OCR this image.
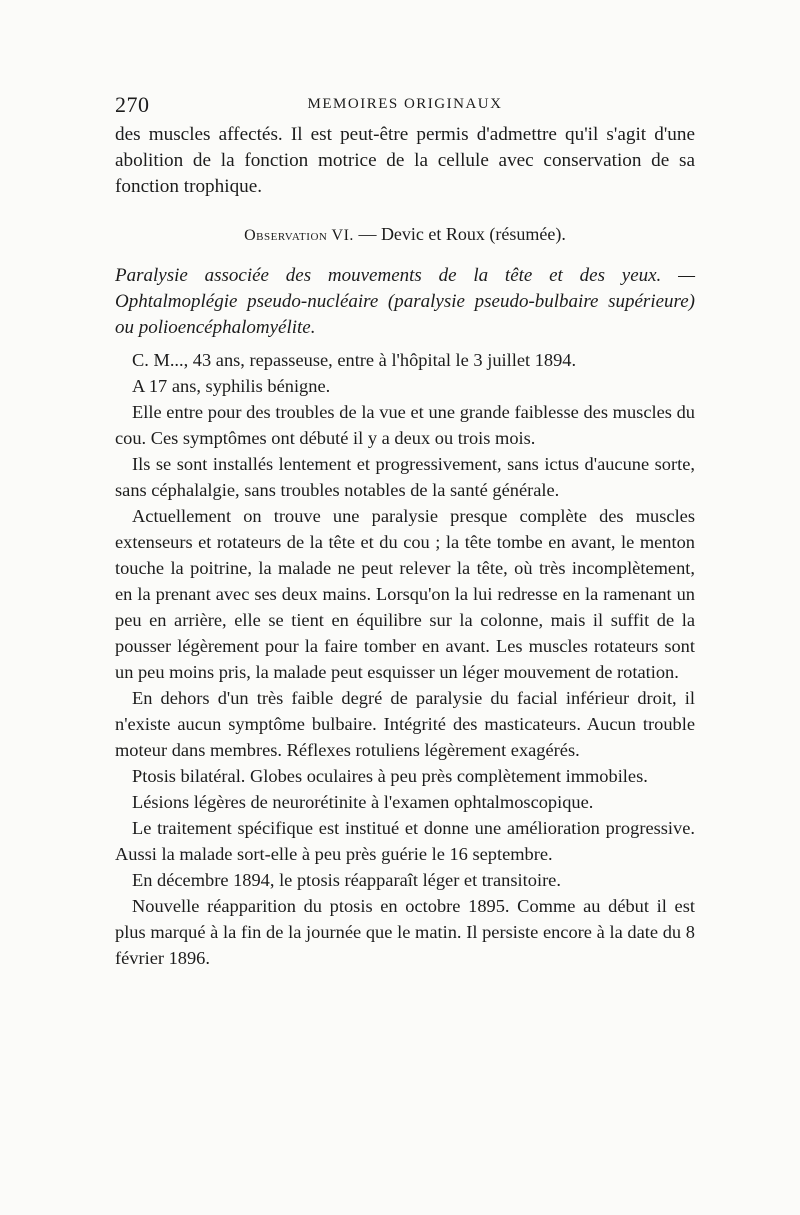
270	MEMOIRES ORIGINAUX

des muscles affectés. Il est peut-être permis d'admettre qu'il s'agit d'une abolition de la fonction motrice de la cellule avec conservation de sa fonction trophique.

Observation VI. — Devic et Roux (résumée).

Paralysie associée des mouvements de la tête et des yeux. — Ophtalmoplégie pseudo-nucléaire (paralysie pseudo-bulbaire supérieure) ou polioencéphalomyélite.

C. M..., 43 ans, repasseuse, entre à l'hôpital le 3 juillet 1894.

A 17 ans, syphilis bénigne.

Elle entre pour des troubles de la vue et une grande faiblesse des muscles du cou. Ces symptômes ont débuté il y a deux ou trois mois.

Ils se sont installés lentement et progressivement, sans ictus d'aucune sorte, sans céphalalgie, sans troubles notables de la santé générale.

Actuellement on trouve une paralysie presque complète des muscles extenseurs et rotateurs de la tête et du cou ; la tête tombe en avant, le menton touche la poitrine, la malade ne peut relever la tête, où très incomplètement, en la prenant avec ses deux mains. Lorsqu'on la lui redresse en la ramenant un peu en arrière, elle se tient en équilibre sur la colonne, mais il suffit de la pousser légèrement pour la faire tomber en avant. Les muscles rotateurs sont un peu moins pris, la malade peut esquisser un léger mouvement de rotation.

En dehors d'un très faible degré de paralysie du facial inférieur droit, il n'existe aucun symptôme bulbaire. Intégrité des masticateurs. Aucun trouble moteur dans membres. Réflexes rotuliens légèrement exagérés.

Ptosis bilatéral. Globes oculaires à peu près complètement immobiles.

Lésions légères de neurorétinite à l'examen ophtalmoscopique.

Le traitement spécifique est institué et donne une amélioration progressive. Aussi la malade sort-elle à peu près guérie le 16 septembre.

En décembre 1894, le ptosis réapparaît léger et transitoire.

Nouvelle réapparition du ptosis en octobre 1895. Comme au début il est plus marqué à la fin de la journée que le matin. Il persiste encore à la date du 8 février 1896.
